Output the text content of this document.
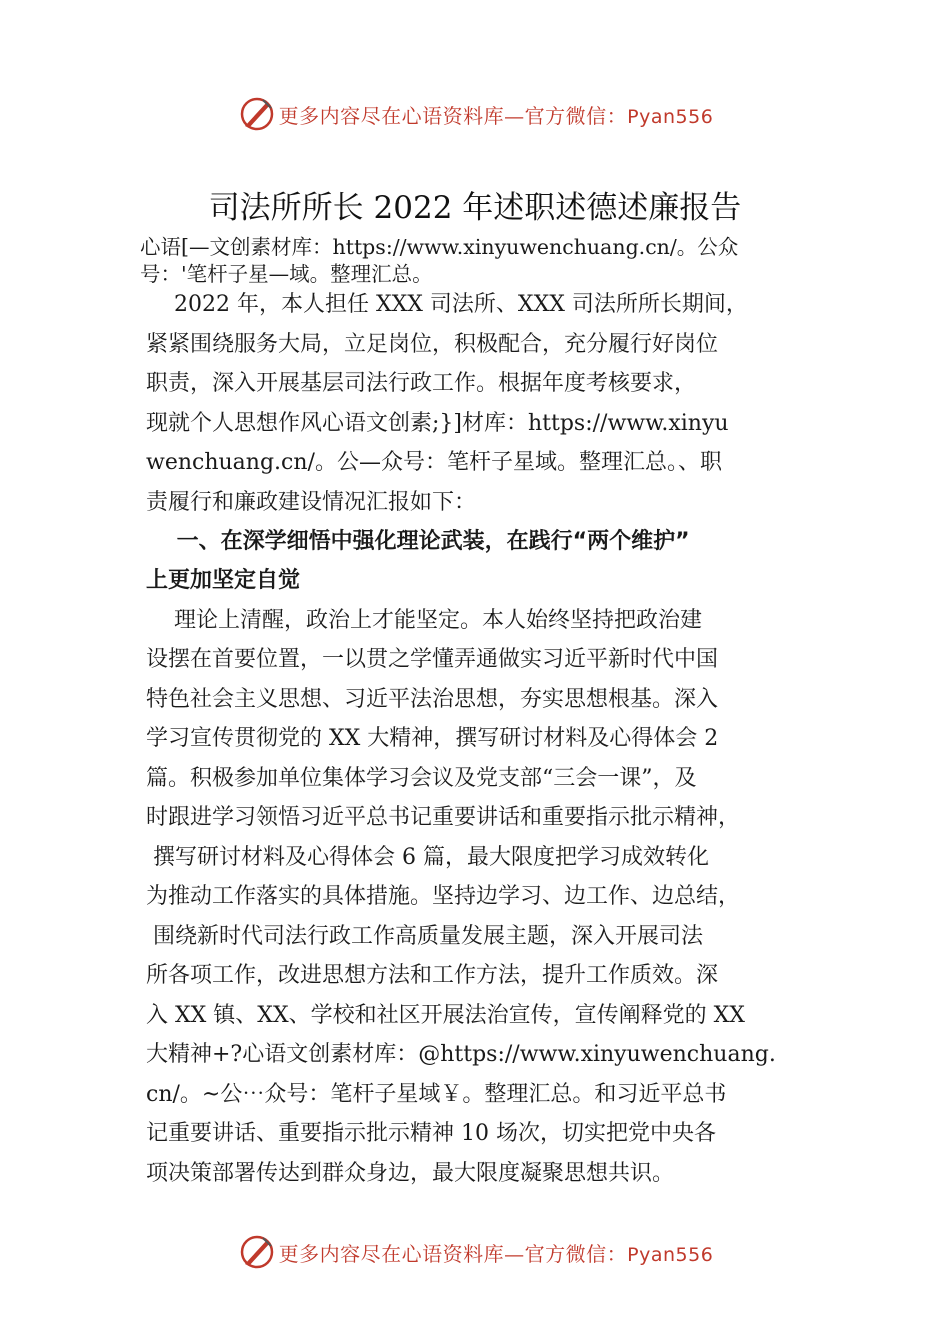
更多内容尽在心语资料库—官方微信：Pyan556
司法所所长 2022 年述职述德述廉报告
心语[—文创素材库：https://www.xinyuwenchuang.cn/。公众
号：'笔杆子星—域。整理汇总。
2022 年，本人担任 XXX 司法所、XXX 司法所所长期间，
紧紧围绕服务大局，立足岗位，积极配合，充分履行好岗位
职责，深入开展基层司法行政工作。根据年度考核要求，
现就个人思想作风心语文创素;}]材库：https://www.xinyu
wenchuang.cn/。公—众号：笔杆子星域。整理汇总。、职
责履行和廉政建设情况汇报如下：
一、在深学细悟中强化理论武装，在践行“两个维护”
上更加坚定自觉
理论上清醒，政治上才能坚定。本人始终坚持把政治建
设摆在首要位置，一以贯之学懂弄通做实习近平新时代中国
特色社会主义思想、习近平法治思想，夯实思想根基。深入
学习宣传贯彻党的 XX 大精神，撰写研讨材料及心得体会 2
篇。积极参加单位集体学习会议及党支部“三会一课”，及
时跟进学习领悟习近平总书记重要讲话和重要指示批示精神，
撰写研讨材料及心得体会 6 篇，最大限度把学习成效转化
为推动工作落实的具体措施。坚持边学习、边工作、边总结，
围绕新时代司法行政工作高质量发展主题，深入开展司法
所各项工作，改进思想方法和工作方法，提升工作质效。深
入 XX 镇、XX、学校和社区开展法治宣传，宣传阐释党的 XX
大精神+?心语文创素材库：@https://www.xinyuwenchuang.
cn/。~公⋯众号：笔杆子星域￥。整理汇总。和习近平总书
记重要讲话、重要指示批示精神 10 场次，切实把党中央各
项决策部署传达到群众身边，最大限度凝聚思想共识。
更多内容尽在心语资料库—官方微信：Pyan556
